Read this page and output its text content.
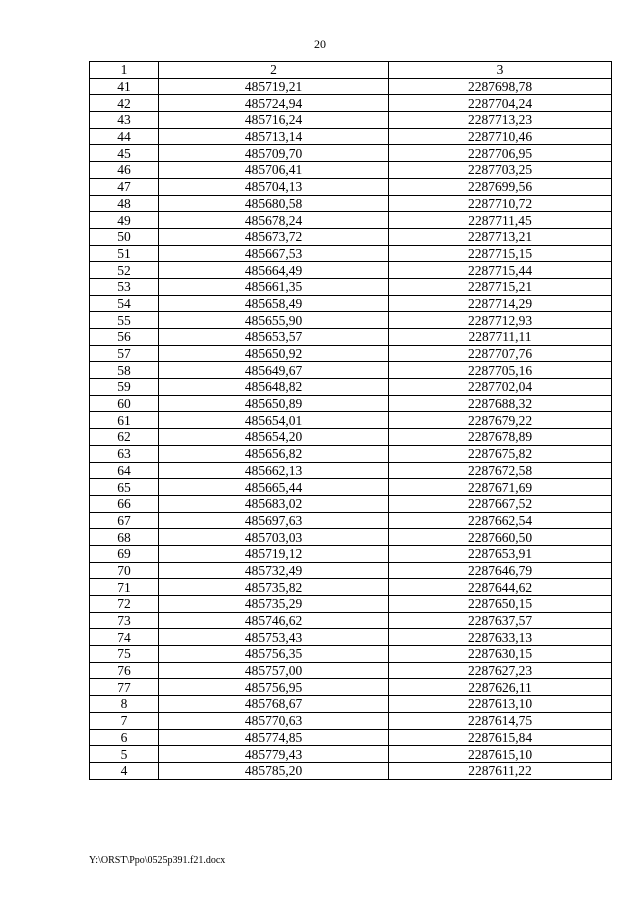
20
1	2	3
41	485719,21	2287698,78
42	485724,94	2287704,24
43	485716,24	2287713,23
44	485713,14	2287710,46
45	485709,70	2287706,95
46	485706,41	2287703,25
47	485704,13	2287699,56
48	485680,58	2287710,72
49	485678,24	2287711,45
50	485673,72	2287713,21
51	485667,53	2287715,15
52	485664,49	2287715,44
53	485661,35	2287715,21
54	485658,49	2287714,29
55	485655,90	2287712,93
56	485653,57	2287711,11
57	485650,92	2287707,76
58	485649,67	2287705,16
59	485648,82	2287702,04
60	485650,89	2287688,32
61	485654,01	2287679,22
62	485654,20	2287678,89
63	485656,82	2287675,82
64	485662,13	2287672,58
65	485665,44	2287671,69
66	485683,02	2287667,52
67	485697,63	2287662,54
68	485703,03	2287660,50
69	485719,12	2287653,91
70	485732,49	2287646,79
71	485735,82	2287644,62
72	485735,29	2287650,15
73	485746,62	2287637,57
74	485753,43	2287633,13
75	485756,35	2287630,15
76	485757,00	2287627,23
77	485756,95	2287626,11
8	485768,67	2287613,10
7	485770,63	2287614,75
6	485774,85	2287615,84
5	485779,43	2287615,10
4	485785,20	2287611,22
Y:\ORST\Ppo\0525p391.f21.docx
